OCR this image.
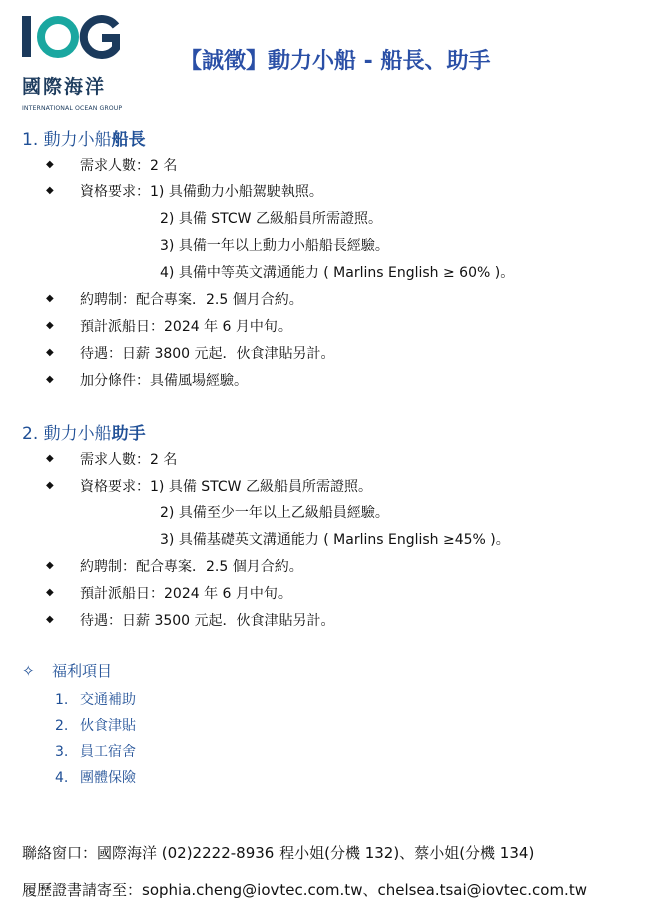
國際海洋
INTERNATIONAL OCEAN GROUP
【誠徵】動力小船 - 船長、助手
1. 動力小船船長
◆ 需求人數：2 名
◆ 資格要求：1) 具備動力小船駕駛執照。
2) 具備 STCW 乙級船員所需證照。
3) 具備一年以上動力小船船長經驗。
4) 具備中等英文溝通能力 ( Marlins English ≥ 60% )。
◆ 約聘制：配合專案．2.5 個月合約。
◆ 預計派船日：2024 年 6 月中旬。
◆ 待遇：日薪 3800 元起．伙食津貼另計。
◆ 加分條件：具備風場經驗。
2. 動力小船助手
◆ 需求人數：2 名
◆ 資格要求：1) 具備 STCW 乙級船員所需證照。
2) 具備至少一年以上乙級船員經驗。
3) 具備基礎英文溝通能力 ( Marlins English ≥45% )。
◆ 約聘制：配合專案．2.5 個月合約。
◆ 預計派船日：2024 年 6 月中旬。
◆ 待遇：日薪 3500 元起．伙食津貼另計。
✧ 福利項目
1. 交通補助
2. 伙食津貼
3. 員工宿舍
4. 團體保險
聯絡窗口：國際海洋 (02)2222-8936 程小姐(分機 132)、蔡小姐(分機 134)
履歷證書請寄至：sophia.cheng@iovtec.com.tw、chelsea.tsai@iovtec.com.tw
